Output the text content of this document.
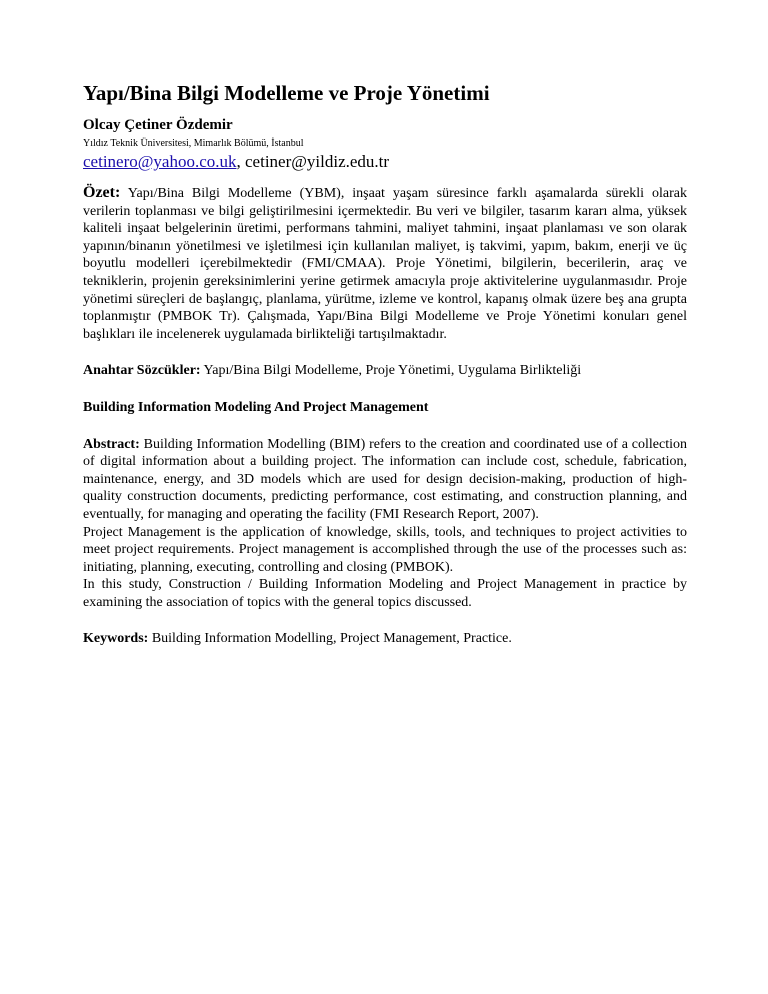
Yapı/Bina Bilgi Modelleme ve Proje Yönetimi

Olcay Çetiner Özdemir

Yıldız Teknik Üniversitesi, Mimarlık Bölümü, İstanbul

cetinero@yahoo.co.uk, cetiner@yildiz.edu.tr

Özet: Yapı/Bina Bilgi Modelleme (YBM), inşaat yaşam süresince farklı aşamalarda sürekli olarak verilerin toplanması ve bilgi geliştirilmesini içermektedir. Bu veri ve bilgiler, tasarım kararı alma, yüksek kaliteli inşaat belgelerinin üretimi, performans tahmini, maliyet tahmini, inşaat planlaması ve son olarak yapının/binanın yönetilmesi ve işletilmesi için kullanılan maliyet, iş takvimi, yapım, bakım, enerji ve üç boyutlu modelleri içerebilmektedir (FMI/CMAA). Proje Yönetimi, bilgilerin, becerilerin, araç ve tekniklerin, projenin gereksinimlerini yerine getirmek amacıyla proje aktivitelerine uygulanmasıdır. Proje yönetimi süreçleri de başlangıç, planlama, yürütme, izleme ve kontrol, kapanış olmak üzere beş ana grupta toplanmıştır (PMBOK Tr). Çalışmada, Yapı/Bina Bilgi Modelleme ve Proje Yönetimi konuları genel başlıkları ile incelenerek uygulamada birlikteliği tartışılmaktadır.

Anahtar Sözcükler: Yapı/Bina Bilgi Modelleme, Proje Yönetimi, Uygulama Birlikteliği

Building Information Modeling And Project Management

Abstract: Building Information Modelling (BIM) refers to the creation and coordinated use of a collection of digital information about a building project. The information can include cost, schedule, fabrication, maintenance, energy, and 3D models which are used for design decision-making, production of high-quality construction documents, predicting performance, cost estimating, and construction planning, and eventually, for managing and operating the facility (FMI Research Report, 2007).

Project Management is the application of knowledge, skills, tools, and techniques to project activities to meet project requirements. Project management is accomplished through the use of the processes such as: initiating, planning, executing, controlling and closing (PMBOK).

In this study, Construction / Building Information Modeling and Project Management in practice by examining the association of topics with the general topics discussed.

Keywords: Building Information Modelling, Project Management, Practice.
